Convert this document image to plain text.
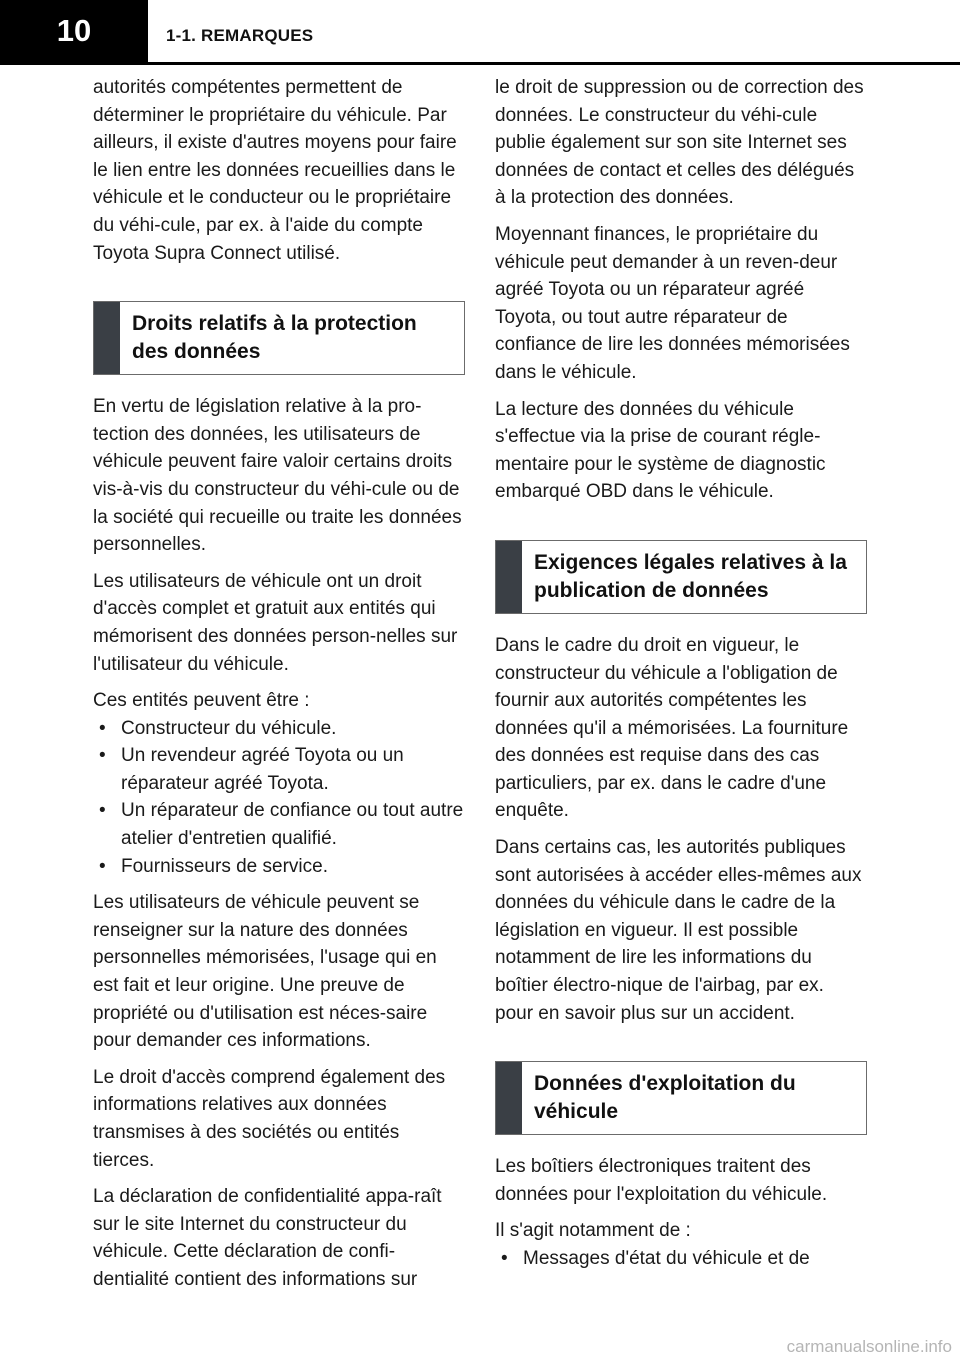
10	1-1. REMARQUES

autorités compétentes permettent de déterminer le propriétaire du véhicule. Par ailleurs, il existe d'autres moyens pour faire le lien entre les données recueillies dans le véhicule et le conducteur ou le propriétaire du véhi-cule, par ex. à l'aide du compte Toyota Supra Connect utilisé.

Droits relatifs à la protection des données

En vertu de législation relative à la pro-tection des données, les utilisateurs de véhicule peuvent faire valoir certains droits vis-à-vis du constructeur du véhi-cule ou de la société qui recueille ou traite les données personnelles.

Les utilisateurs de véhicule ont un droit d'accès complet et gratuit aux entités qui mémorisent des données person-nelles sur l'utilisateur du véhicule.

Ces entités peuvent être :

• Constructeur du véhicule.
• Un revendeur agréé Toyota ou un réparateur agréé Toyota.
• Un réparateur de confiance ou tout autre atelier d'entretien qualifié.
• Fournisseurs de service.

Les utilisateurs de véhicule peuvent se renseigner sur la nature des données personnelles mémorisées, l'usage qui en est fait et leur origine. Une preuve de propriété ou d'utilisation est néces-saire pour demander ces informations.

Le droit d'accès comprend également des informations relatives aux données transmises à des sociétés ou entités tierces.

La déclaration de confidentialité appa-raît sur le site Internet du constructeur du véhicule. Cette déclaration de confi-dentialité contient des informations sur

le droit de suppression ou de correction des données. Le constructeur du véhi-cule publie également sur son site Internet ses données de contact et celles des délégués à la protection des données.

Moyennant finances, le propriétaire du véhicule peut demander à un reven-deur agréé Toyota ou un réparateur agréé Toyota, ou tout autre réparateur de confiance de lire les données mémorisées dans le véhicule.

La lecture des données du véhicule s'effectue via la prise de courant régle-mentaire pour le système de diagnostic embarqué OBD dans le véhicule.

Exigences légales relatives à la publication de données

Dans le cadre du droit en vigueur, le constructeur du véhicule a l'obligation de fournir aux autorités compétentes les données qu'il a mémorisées. La fourniture des données est requise dans des cas particuliers, par ex. dans le cadre d'une enquête.

Dans certains cas, les autorités publiques sont autorisées à accéder elles-mêmes aux données du véhicule dans le cadre de la législation en vigueur. Il est possible notamment de lire les informations du boîtier électro-nique de l'airbag, par ex. pour en savoir plus sur un accident.

Données d'exploitation du véhicule

Les boîtiers électroniques traitent des données pour l'exploitation du véhicule.

Il s'agit notamment de :

• Messages d'état du véhicule et de
carmanualsonline.info
